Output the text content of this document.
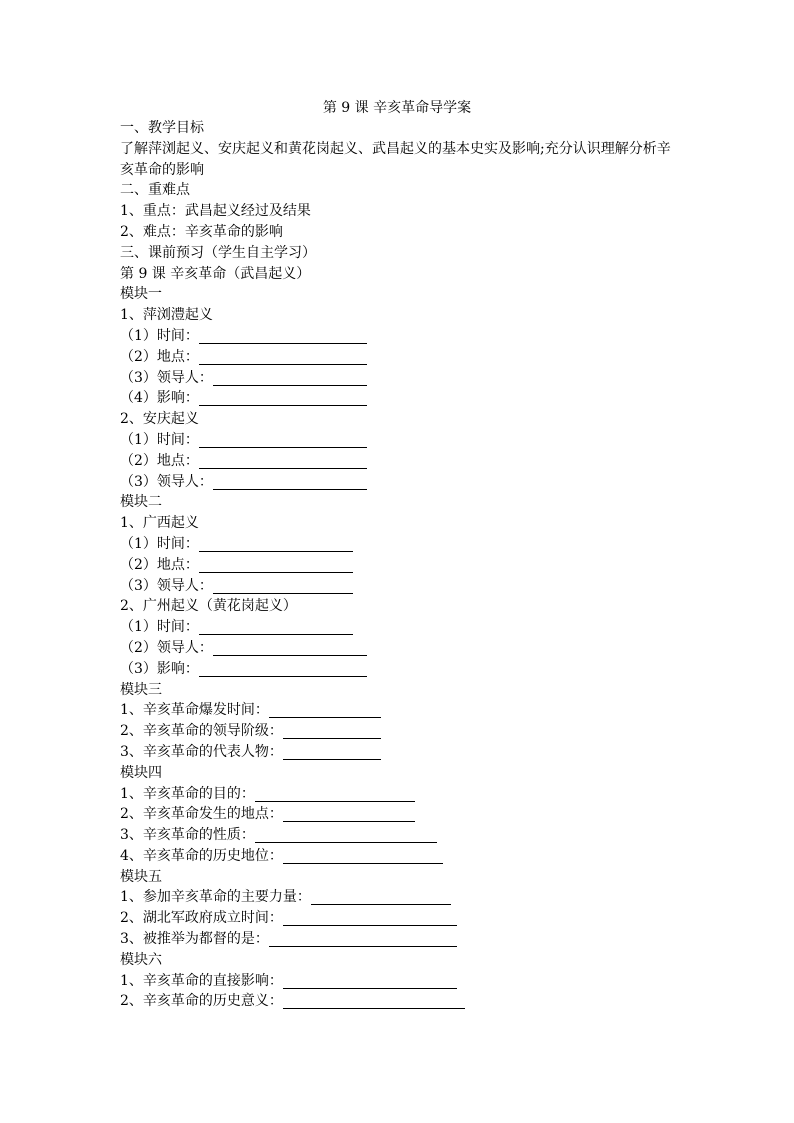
第 9 课 辛亥革命导学案
一、教学目标
了解萍浏起义、安庆起义和黄花岗起义、武昌起义的基本史实及影响;充分认识理解分析辛亥革命的影响
二、重难点
1、重点：武昌起义经过及结果
2、难点：辛亥革命的影响
三、课前预习（学生自主学习）
第 9 课 辛亥革命（武昌起义）
模块一
1、萍浏澧起义
（1）时间：
（2）地点：
（3）领导人：
（4）影响：
2、安庆起义
（1）时间：
（2）地点：
（3）领导人：
模块二
1、广西起义
（1）时间：
（2）地点：
（3）领导人：
2、广州起义（黄花岗起义）
（1）时间：
（2）领导人：
（3）影响：
模块三
1、辛亥革命爆发时间：
2、辛亥革命的领导阶级：
3、辛亥革命的代表人物：
模块四
1、辛亥革命的目的：
2、辛亥革命发生的地点：
3、辛亥革命的性质：
4、辛亥革命的历史地位：
模块五
1、参加辛亥革命的主要力量：
2、湖北军政府成立时间：
3、被推举为都督的是：
模块六
1、辛亥革命的直接影响：
2、辛亥革命的历史意义：
